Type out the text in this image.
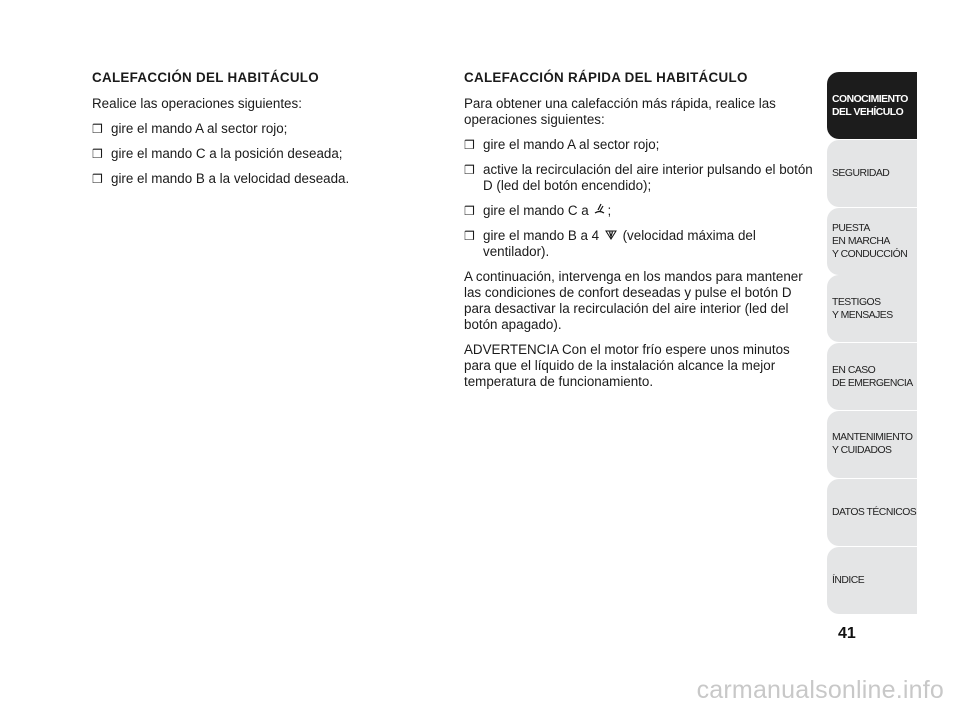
CALEFACCIÓN DEL HABITÁCULO

Realice las operaciones siguientes:

❒ gire el mando A al sector rojo;
❒ gire el mando C a la posición deseada;
❒ gire el mando B a la velocidad deseada.
CALEFACCIÓN RÁPIDA DEL HABITÁCULO

Para obtener una calefacción más rápida, realice las operaciones siguientes:

❒ gire el mando A al sector rojo;
❒ active la recirculación del aire interior pulsando el botón D (led del botón encendido);
❒ gire el mando C a ;
❒ gire el mando B a 4 (velocidad máxima del ventilador).

A continuación, intervenga en los mandos para mantener las condiciones de confort deseadas y pulse el botón D para desactivar la recirculación del aire interior (led del botón apagado).

ADVERTENCIA Con el motor frío espere unos minutos para que el líquido de la instalación alcance la mejor temperatura de funcionamiento.

CONOCIMIENTO
DEL VEHÍCULO
SEGURIDAD
PUESTA
EN MARCHA
Y CONDUCCIÓN
TESTIGOS
Y MENSAJES
EN CASO
DE EMERGENCIA
MANTENIMIENTO
Y CUIDADOS
DATOS TÉCNICOS
ÍNDICE
41
carmanualsonline.info
